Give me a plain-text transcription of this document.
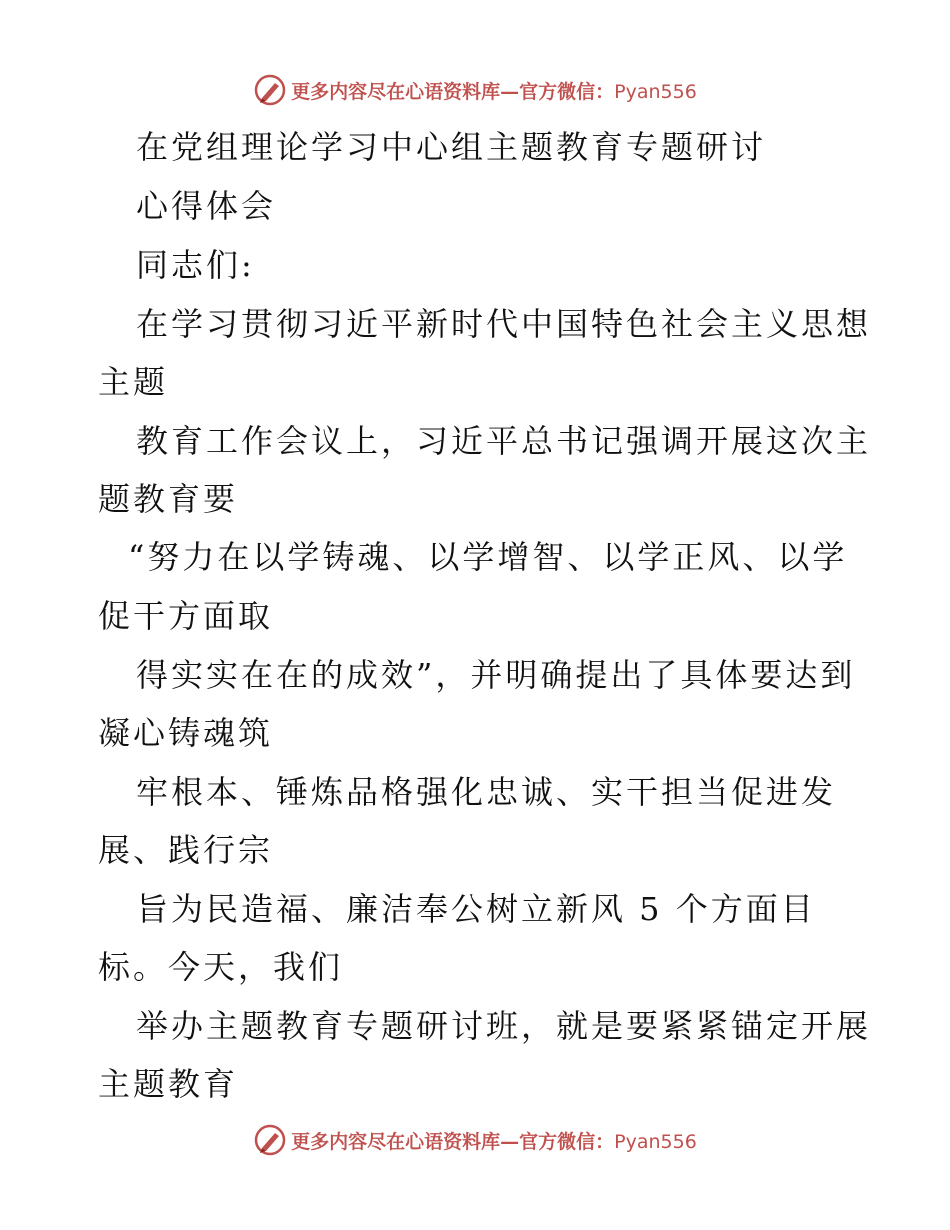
更多内容尽在心语资料库—官方微信：Pyan556
在党组理论学习中心组主题教育专题研讨
心得体会
同志们:
在学习贯彻习近平新时代中国特色社会主义思想
主题
教育工作会议上，习近平总书记强调开展这次主
题教育要
“努力在以学铸魂、以学增智、以学正风、以学
促干方面取
得实实在在的成效”，并明确提出了具体要达到
凝心铸魂筑
牢根本、锤炼品格强化忠诚、实干担当促进发
展、践行宗
旨为民造福、廉洁奉公树立新风 5 个方面目
标。今天，我们
举办主题教育专题研讨班，就是要紧紧锚定开展
主题教育
更多内容尽在心语资料库—官方微信：Pyan556
